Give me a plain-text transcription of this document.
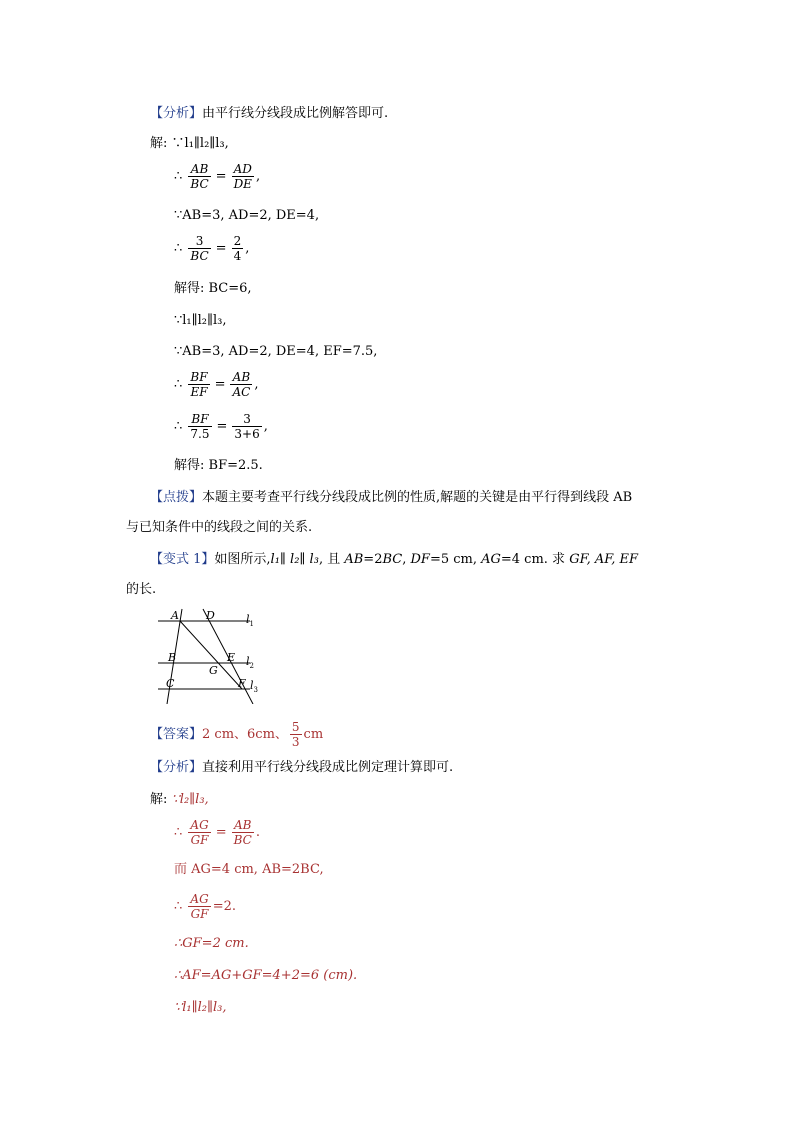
【分析】由平行线分线段成比例解答即可.
解: ∵l₁∥l₂∥l₃,
∴ $\frac{AB}{BC} = \frac{AD}{DE}$ ,
∵AB=3, AD=2, DE=4,
∴ $\frac{3}{BC} = \frac{2}{4}$ ,
解得: BC=6,
∵l₁∥l₂∥l₃,
∵AB=3, AD=2, DE=4, EF=7.5,
∴ $\frac{BF}{EF} = \frac{AB}{AC}$ ,
∴ $\frac{BF}{7.5} = \frac{3}{3+6}$ ,
解得: BF=2.5.
【点拨】本题主要考查平行线分线段成比例的性质,解题的关键是由平行得到线段 AB
与已知条件中的线段之间的关系.
【变式 1】如图所示,l₁∥ l₂∥ l₃, 且 AB=2BC, DF=5 cm, AG=4 cm. 求 GF, AF, EF
的长.
A D
B	E
G
C	F
$l_1$
$l_2$
$l_3$
【答案】2 cm、6cm、 $\frac{5}{3}$ cm
【分析】直接利用平行线分线段成比例定理计算即可.
解: ∵l₂∥l₃,
∴ $\frac{AG}{GF} = \frac{AB}{BC}$ .
而 AG=4 cm, AB=2BC,
∴ $\frac{AG}{GF} =2$.
∴GF=2 cm.
∴AF=AG+GF=4+2=6 (cm).
∵l₁∥l₂∥l₃,
